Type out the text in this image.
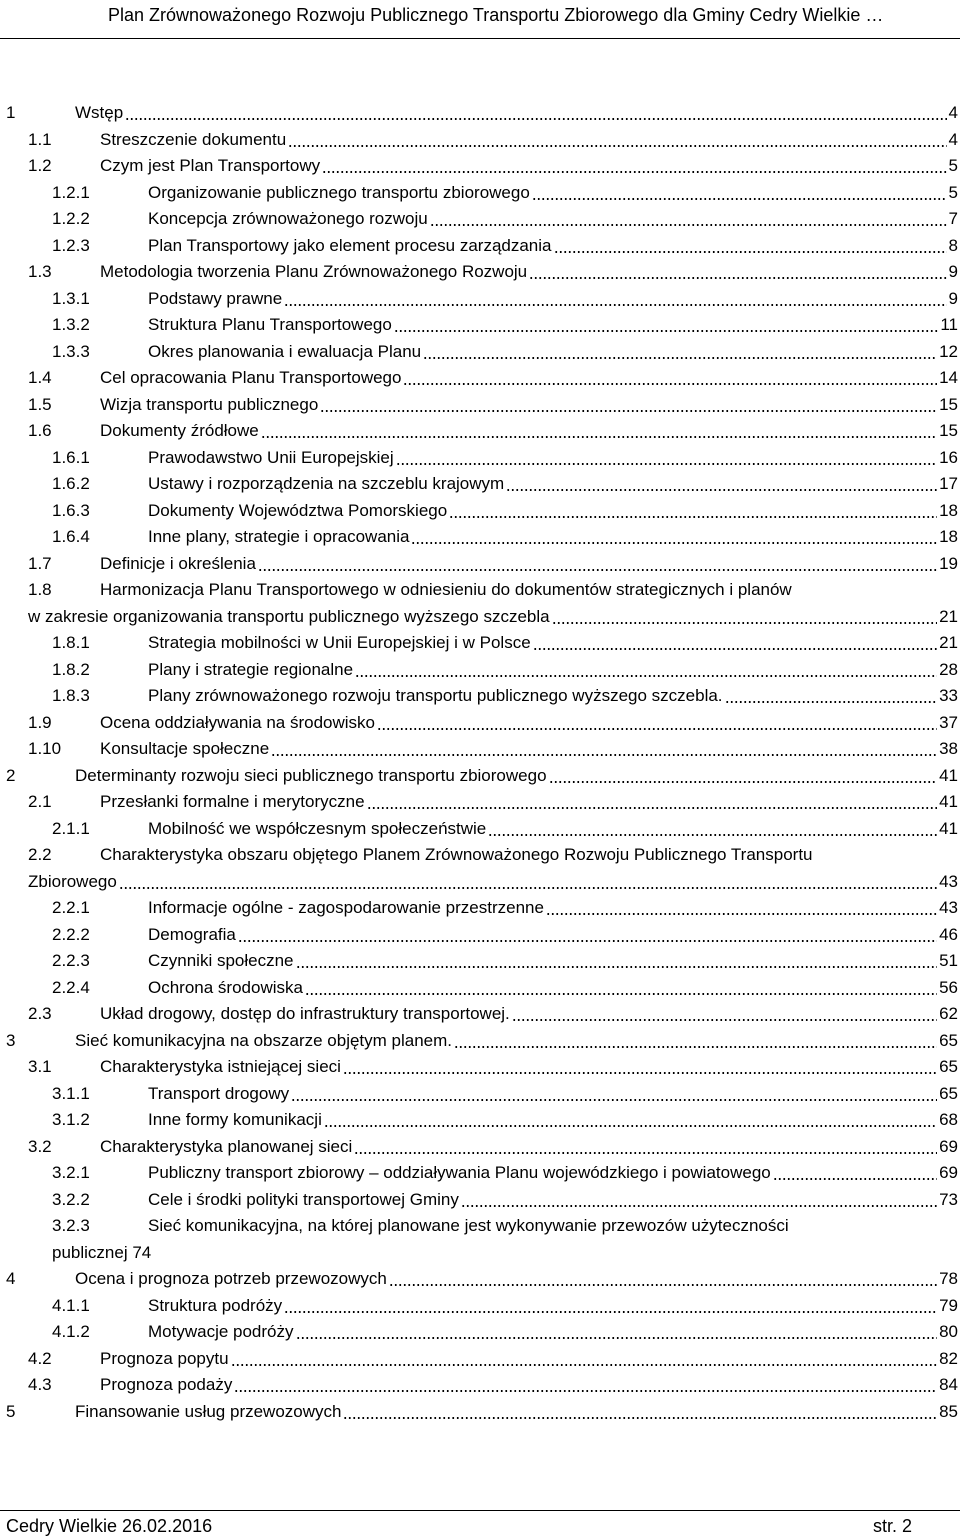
Plan Zrównoważonego Rozwoju Publicznego Transportu Zbiorowego dla Gminy Cedry Wielkie …
1	Wstęp	4
1.1	Streszczenie dokumentu	4
1.2	Czym jest Plan Transportowy	5
1.2.1	Organizowanie publicznego transportu zbiorowego	5
1.2.2	Koncepcja zrównoważonego rozwoju	7
1.2.3	Plan Transportowy jako element procesu zarządzania	8
1.3	Metodologia tworzenia Planu Zrównoważonego Rozwoju	9
1.3.1	Podstawy prawne	9
1.3.2	Struktura Planu Transportowego	11
1.3.3	Okres planowania i ewaluacja Planu	12
1.4	Cel opracowania Planu Transportowego	14
1.5	Wizja transportu publicznego	15
1.6	Dokumenty źródłowe	15
1.6.1	Prawodawstwo Unii Europejskiej	16
1.6.2	Ustawy i rozporządzenia na szczeblu krajowym	17
1.6.3	Dokumenty Województwa Pomorskiego	18
1.6.4	Inne plany, strategie i opracowania	18
1.7	Definicje i określenia	19
1.8	Harmonizacja Planu Transportowego w odniesieniu do dokumentów strategicznych i planów
w zakresie organizowania transportu publicznego wyższego szczebla	21
1.8.1	Strategia mobilności w Unii Europejskiej i w Polsce	21
1.8.2	Plany i strategie regionalne	28
1.8.3	Plany zrównoważonego rozwoju transportu publicznego wyższego szczebla.	33
1.9	Ocena oddziaływania na środowisko	37
1.10 Konsultacje społeczne	38
2	Determinanty rozwoju sieci publicznego transportu zbiorowego	41
2.1	Przesłanki formalne i merytoryczne	41
2.1.1	Mobilność we współczesnym społeczeństwie	41
2.2	Charakterystyka obszaru objętego Planem Zrównoważonego Rozwoju Publicznego Transportu
Zbiorowego	43
2.2.1	Informacje ogólne - zagospodarowanie przestrzenne	43
2.2.2	Demografia	46
2.2.3	Czynniki społeczne	51
2.2.4	Ochrona środowiska	56
2.3	Układ drogowy, dostęp do infrastruktury transportowej.	62
3	Sieć komunikacyjna na obszarze objętym planem.	65
3.1	Charakterystyka istniejącej sieci	65
3.1.1	Transport drogowy	65
3.1.2	Inne formy komunikacji	68
3.2	Charakterystyka planowanej sieci	69
3.2.1	Publiczny transport zbiorowy – oddziaływania Planu wojewódzkiego i powiatowego	69
3.2.2	Cele i środki polityki transportowej Gminy	73
3.2.3	Sieć komunikacyjna, na której planowane jest wykonywanie przewozów użyteczności
publicznej 74
4	Ocena i prognoza potrzeb przewozowych	78
4.1.1	Struktura podróży	79
4.1.2	Motywacje podróży	80
4.2	Prognoza popytu	82
4.3	Prognoza podaży	84
5	Finansowanie usług przewozowych	85
Cedry Wielkie 26.02.2016	str. 2
